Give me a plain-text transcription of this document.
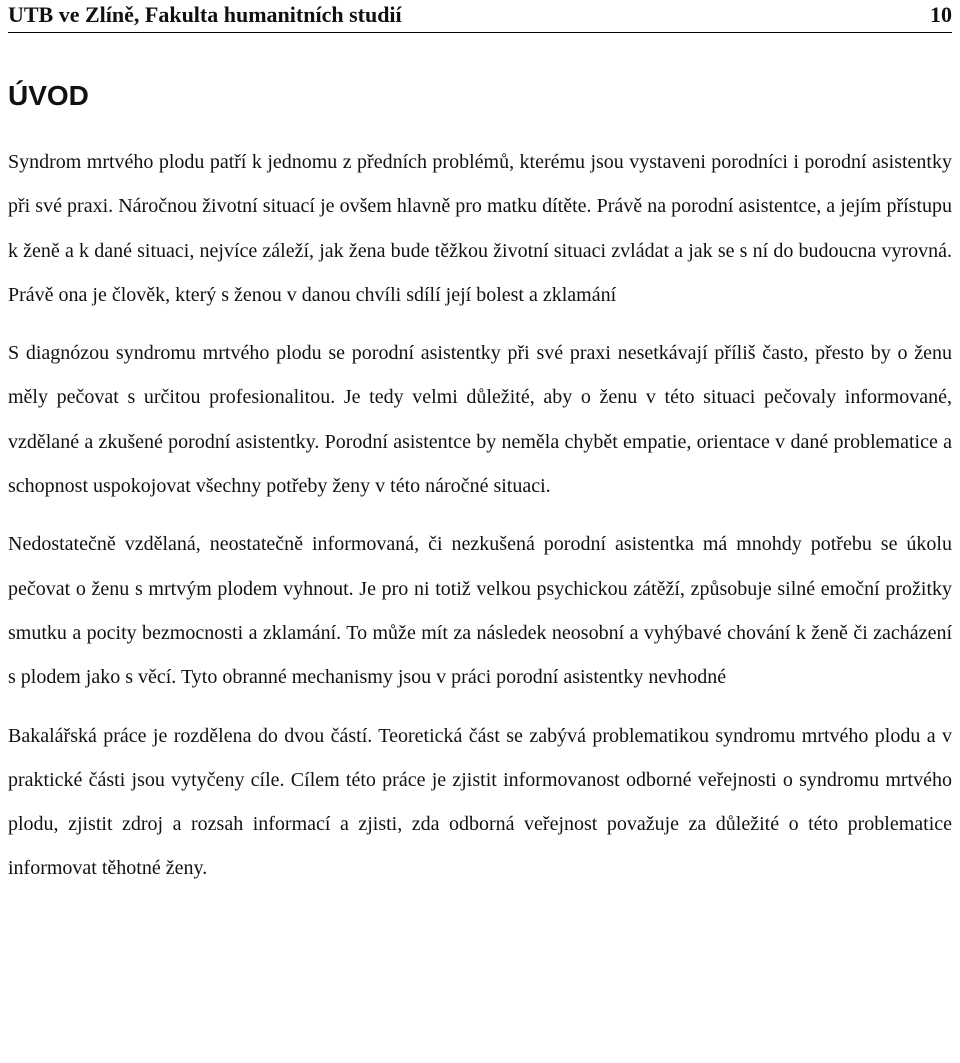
UTB ve Zlíně, Fakulta humanitních studií	10
ÚVOD

Syndrom mrtvého plodu patří k jednomu z předních problémů, kterému jsou vystaveni porodníci i porodní asistentky při své praxi. Náročnou životní situací je ovšem hlavně pro matku dítěte. Právě na porodní asistentce, a jejím přístupu k ženě a k dané situaci, nejvíce záleží, jak žena bude těžkou životní situaci zvládat a jak se s ní do budoucna vyrovná. Právě ona je člověk, který s ženou v danou chvíli sdílí její bolest a zklamání

S diagnózou syndromu mrtvého plodu se porodní asistentky při své praxi nesetkávají příliš často, přesto by o ženu měly pečovat s určitou profesionalitou. Je tedy velmi důležité, aby o ženu v této situaci pečovaly informované, vzdělané a zkušené porodní asistentky. Porodní asistentce by neměla chybět empatie, orientace v dané problematice a schopnost uspokojovat všechny potřeby ženy v této náročné situaci.

Nedostatečně vzdělaná, neostatečně informovaná, či nezkušená porodní asistentka má mnohdy potřebu se úkolu pečovat o ženu s mrtvým plodem vyhnout. Je pro ni totiž velkou psychickou zátěží, způsobuje silné emoční prožitky smutku a pocity bezmocnosti a zklamání. To může mít za následek neosobní a vyhýbavé chování k ženě či zacházení s plodem jako s věcí. Tyto obranné mechanismy jsou v práci porodní asistentky nevhodné

Bakalářská práce je rozdělena do dvou částí. Teoretická část se zabývá problematikou syndromu mrtvého plodu a v praktické části jsou vytyčeny cíle. Cílem této práce je zjistit informovanost odborné veřejnosti o syndromu mrtvého plodu, zjistit zdroj a rozsah informací a zjisti, zda odborná veřejnost považuje za důležité o této problematice informovat těhotné ženy.
